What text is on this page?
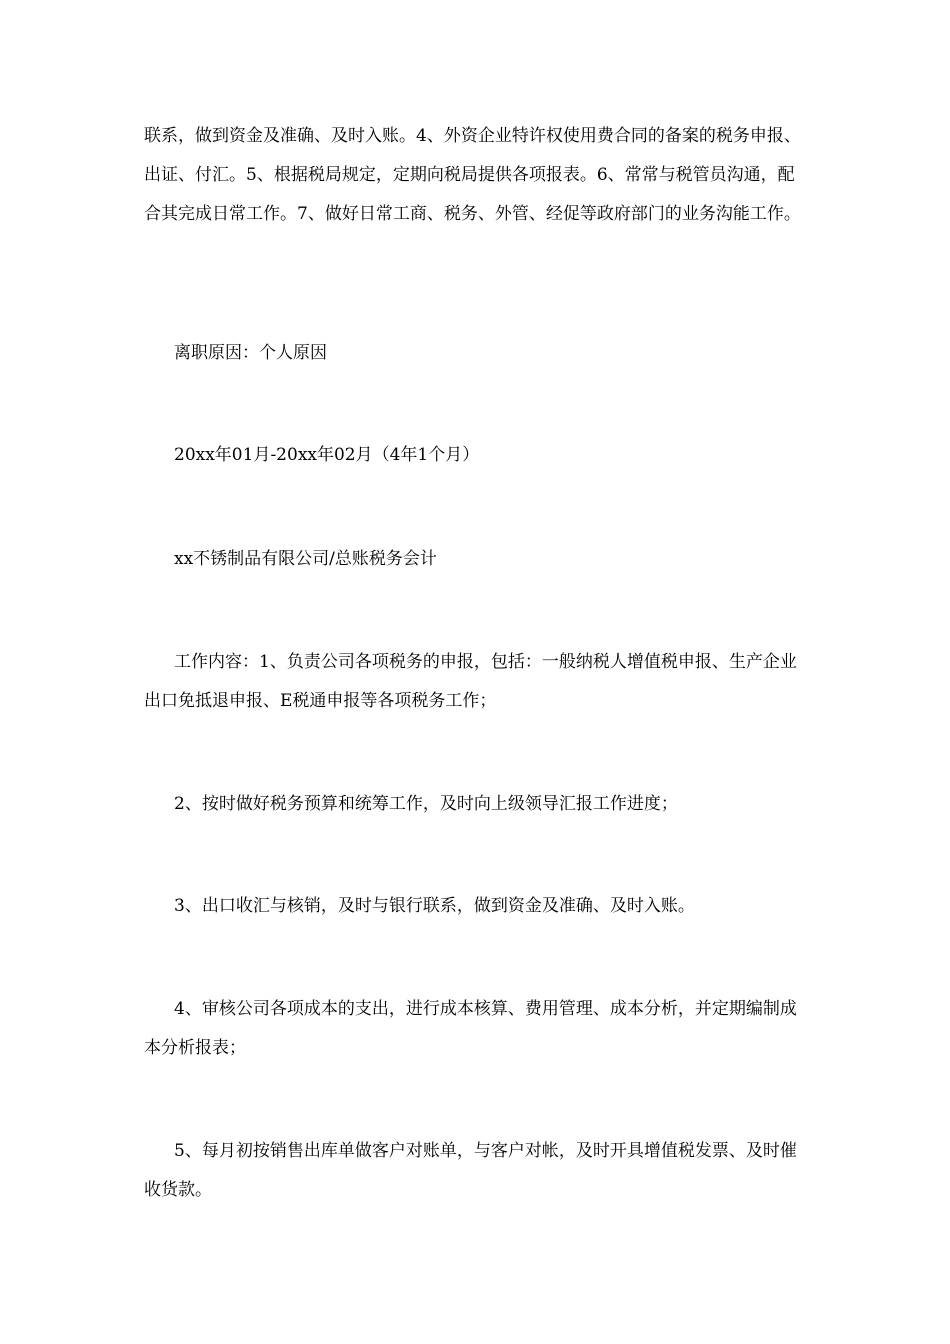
联系，做到资金及准确、及时入账。4、外资企业特许权使用费合同的备案的税务申报、出证、付汇。5、根据税局规定，定期向税局提供各项报表。6、常常与税管员沟通，配合其完成日常工作。7、做好日常工商、税务、外管、经促等政府部门的业务沟能工作。

离职原因：个人原因

20xx年01月-20xx年02月（4年1个月）

xx不锈制品有限公司/总账税务会计

工作内容：1、负责公司各项税务的申报，包括：一般纳税人增值税申报、生产企业出口免抵退申报、E税通申报等各项税务工作；

2、按时做好税务预算和统筹工作，及时向上级领导汇报工作进度；

3、出口收汇与核销，及时与银行联系，做到资金及准确、及时入账。

4、审核公司各项成本的支出，进行成本核算、费用管理、成本分析，并定期编制成本分析报表；

5、每月初按销售出库单做客户对账单，与客户对帐，及时开具增值税发票、及时催收货款。
